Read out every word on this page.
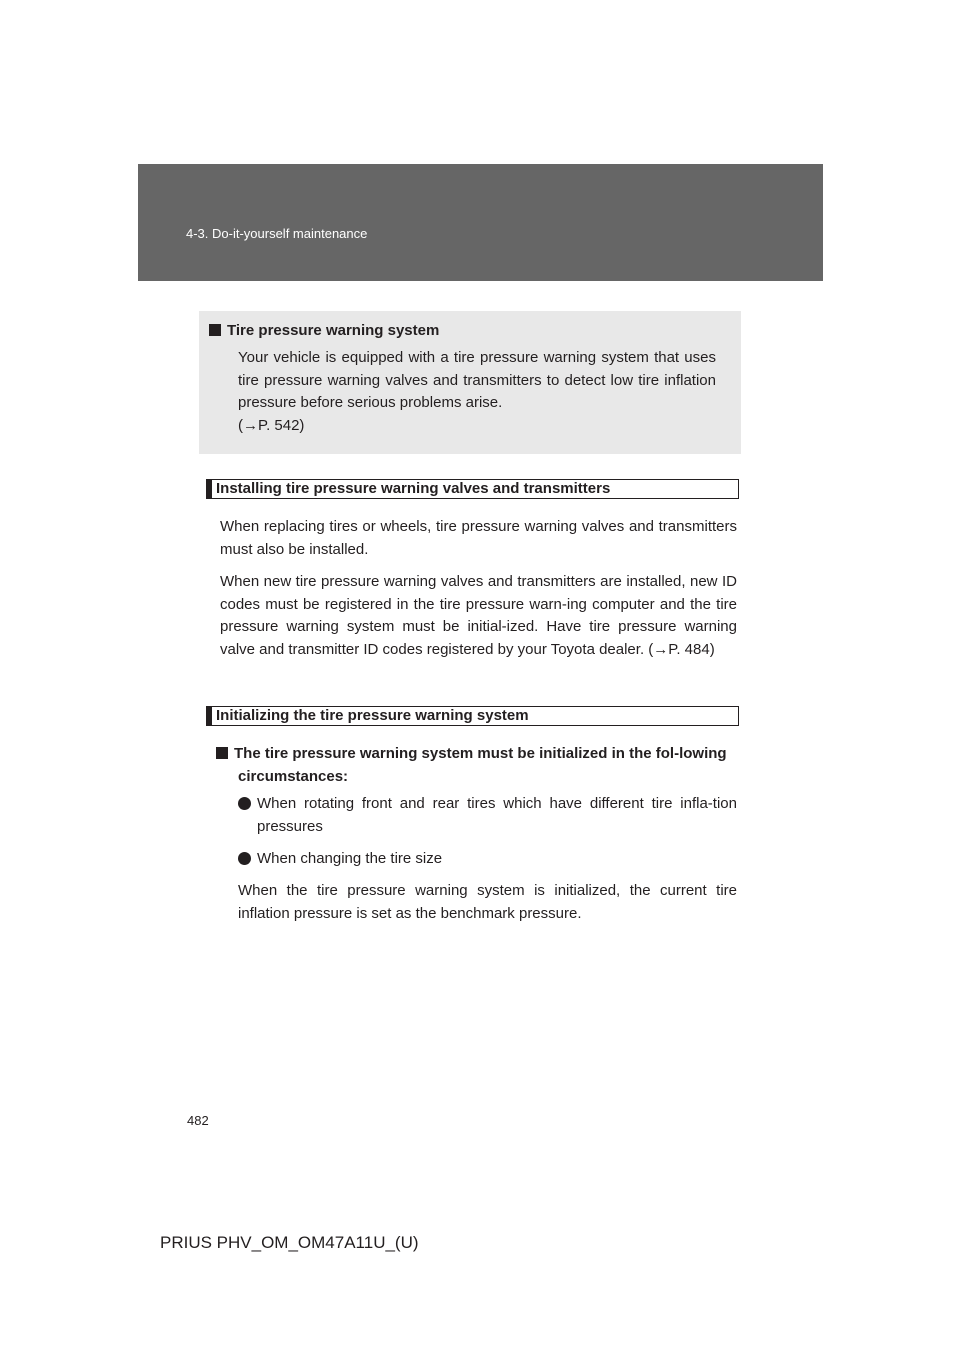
4-3. Do-it-yourself maintenance
Tire pressure warning system
Your vehicle is equipped with a tire pressure warning system that uses tire pressure warning valves and transmitters to detect low tire inflation pressure before serious problems arise.
(→P. 542)
Installing tire pressure warning valves and transmitters
When replacing tires or wheels, tire pressure warning valves and transmitters must also be installed.
When new tire pressure warning valves and transmitters are installed, new ID codes must be registered in the tire pressure warn-ing computer and the tire pressure warning system must be initial-ized. Have tire pressure warning valve and transmitter ID codes registered by your Toyota dealer. (→P. 484)
Initializing the tire pressure warning system
The tire pressure warning system must be initialized in the fol-lowing circumstances:
When rotating front and rear tires which have different tire infla-tion pressures
When changing the tire size
When the tire pressure warning system is initialized, the current tire inflation pressure is set as the benchmark pressure.
482
PRIUS PHV_OM_OM47A11U_(U)
